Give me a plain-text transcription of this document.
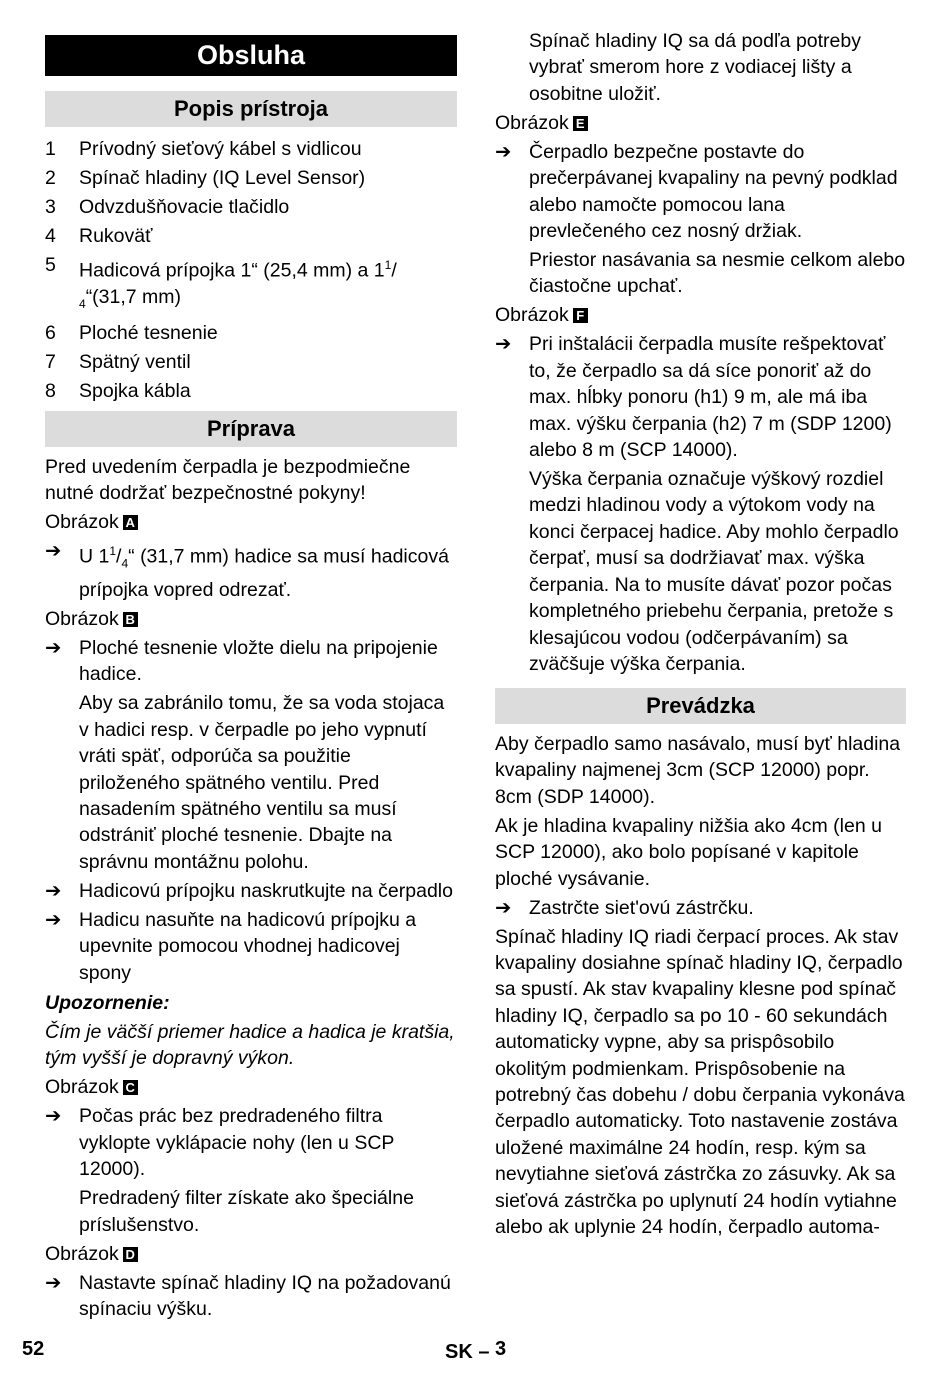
Obsluha
Popis prístroja
1 Prívodný sieťový kábel s vidlicou
2 Spínač hladiny (IQ Level Sensor)
3 Odvzdušňovacie tlačidlo
4 Rukoväť
5 Hadicová prípojka 1“ (25,4 mm) a $1^1/$
$_4$“(31,7 mm)
6 Ploché tesnenie
7 Spätný ventil
8 Spojka kábla
Príprava
Pred uvedením čerpadla je bezpodmiečne nutné dodržať bezpečnostné pokyny!
Obrázok A
➔ U $1^1/_4“$ (31,7 mm) hadice sa musí hadicová prípojka vopred odrezať.
Obrázok B
➔ Ploché tesnenie vložte dielu na pripojenie hadice.
Aby sa zabránilo tomu, že sa voda stojaca v hadici resp. v čerpadle po jeho vypnutí vráti späť, odporúča sa použitie priloženého spätného ventilu. Pred nasadením spätného ventilu sa musí odstrániť ploché tesnenie. Dbajte na správnu montážnu polohu.
➔ Hadicovú prípojku naskrutkujte na čerpadlo
➔ Hadicu nasuňte na hadicovú prípojku a upevnite pomocou vhodnej hadicovej spony
Upozornenie:
Čím je väčší priemer hadice a hadica je kratšia, tým vyšší je dopravný výkon.
Obrázok C
➔ Počas prác bez predradeného filtra vyklopte vyklápacie nohy (len u SCP 12000).
Predradený filter získate ako špeciálne príslušenstvo.
Obrázok D
➔ Nastavte spínač hladiny IQ na požadovanú spínaciu výšku.
Spínač hladiny IQ sa dá podľa potreby vybrať smerom hore z vodiacej lišty a osobitne uložiť.
Obrázok E
➔ Čerpadlo bezpečne postavte do prečerpávanej kvapaliny na pevný podklad alebo namočte pomocou lana prevlečeného cez nosný držiak.
Priestor nasávania sa nesmie celkom alebo čiastočne upchať.
Obrázok F
➔ Pri inštalácii čerpadla musíte rešpektovať to, že čerpadlo sa dá síce ponoriť až do max. hĺbky ponoru (h1) 9 m, ale má iba max. výšku čerpania (h2) 7 m (SDP 1200) alebo 8 m (SCP 14000).
Výška čerpania označuje výškový rozdiel medzi hladinou vody a výtokom vody na konci čerpacej hadice. Aby mohlo čerpadlo čerpať, musí sa dodržiavať max. výška čerpania. Na to musíte dávať pozor počas kompletného priebehu čerpania, pretože s klesajúcou vodou (odčerpávaním) sa zväčšuje výška čerpania.
Prevádzka
Aby čerpadlo samo nasávalo, musí byť hladina kvapaliny najmenej 3cm (SCP 12000) popr. 8cm (SDP 14000).
Ak je hladina kvapaliny nižšia ako 4cm (len u SCP 12000), ako bolo popísané v kapitole ploché vysávanie.
➔ Zastrčte siet'ovú zástrčku.
Spínač hladiny IQ riadi čerpací proces. Ak stav kvapaliny dosiahne spínač hladiny IQ, čerpadlo sa spustí. Ak stav kvapaliny klesne pod spínač hladiny IQ, čerpadlo sa po 10 - 60 sekundách automaticky vypne, aby sa prispôsobilo okolitým podmienkam. Prispôsobenie na potrebný čas dobehu / dobu čerpania vykonáva čerpadlo automaticky. Toto nastavenie zostáva uložené maximálne 24 hodín, resp. kým sa nevytiahne sieťová zástrčka zo zásuvky. Ak sa sieťová zástrčka po uplynutí 24 hodín vytiahne alebo ak uplynie 24 hodín, čerpadlo automa-
52	SK – 3
